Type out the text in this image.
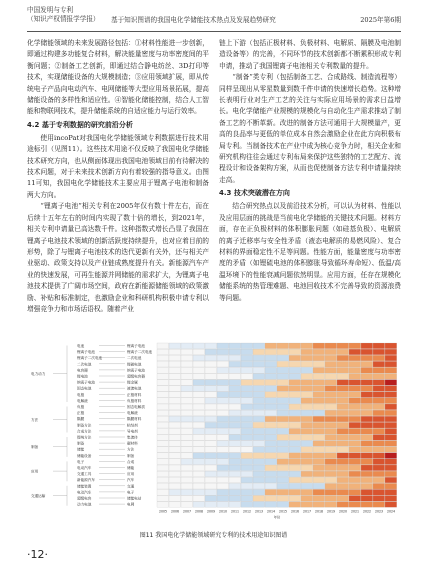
中国发明与专利
（知识产权情报学学报） 基于知识图谱的我国电化学储能技术热点及发展趋势研究	2025年第6期

化学储能领域的未来发展路径包括：①材料性能进一步创新，即通过构建多功能复合材料，解决能量密度与功率密度间的平衡问题；②制备工艺创新，即通过结合静电纺丝、3D打印等技术，实现储能设备的大规模制造；③应用领域扩展，即从传统电子产品向电动汽车、电网储能等大型应用场景拓展，提高储能设备的多样性和适应性。④智能化储能控制，结合人工智能和物联网技术，提升储能系统的自适应能力与运行效率。

4.2 基于专利数据的研究前沿分析

使用incoPat对我国电化学储能领域专利数据进行技术用途标引（见图11）。这些技术用途不仅反映了我国电化学储能技术研究方向，也从侧面体现出我国电池领域目前有待解决的技术问题，对于未来技术创新方向有着较强的指导意义。由图11可知，我国电化学储能技术主要应用于锂离子电池和制备两大方向。

“锂离子电池”相关专利在2005年仅有数十件左右，而在后续十五年左右的时间内实现了数十倍的增长，到2021年，相关专利申请量已高达数千件。这种指数式增长凸显了我国在锂离子电池技术领域的创新活跃度持续提升，也对应着目前的形势，除了与锂离子电池技术的迭代更新有关外，还与相关产业驱动、政策支持以及产业链成熟度提升有关。新能源汽车产业的快速发展，可再生能源并网储能的需求扩大，为锂离子电池技术提供了广阔市场空间，政府在新能源储能领域的政策激励、补贴和标准制定，也激励企业和科研机构积极申请专利以增强竞争力和市场话语权。随着产业

链上下游（包括正极材料、负极材料、电解质、隔膜及电池制造设备等）的完善，不同环节的技术创新都不断累积形成专利申请，推动了我国锂离子电池相关专利数量的提升。

“制备”类专利（包括制备工艺、合成路线、制造流程等）同样呈现出从零星数量到数千件申请的快速增长趋势。这种增长表明行业对生产工艺的关注与实际应用场景的需求日益增长。电化学储能产业规模的规模化与自动化生产需求推动了制备工艺的不断革新。改进的制备方法可通用于大规模量产，更高的良品率与更低的单位成本自然会激励企业在此方向积极布局专利。当制备技术在产业中成为核心竞争力时，相关企业和研究机构往往会通过专利布局来保护这些独特的工艺配方、流程设计和设备架构方案，从而也促使制备方法专利申请量持续走高。

4.3 技术突破潜在方向

结合研究热点以及前沿技术分析，可以认为材料、性能以及应用层面的挑战是当前电化学储能的关键技术问题。材料方面，存在正负极材料的体积膨胀问题（如硅基负极）、电解质的离子迁移率与安全性矛盾（液态电解质的易燃风险）、复合材料的界面稳定性不足等问题。性能方面，能量密度与功率密度的矛盾（如锂硫电池的体积膨胀导致循环寿命短）、低温/高温环境下的性能衰减问题依然明显。应用方面，任存在规模化储能系统的热管理难题、电池回收技术不完善导致的资源浪费等问题。

锂离子电池
锂离子二次电池
二次电池
锂硫电池
钠离子电池
超级电容器
锂金属
液流电池
正极材料
负极材料
固态电解质
电解液
隔膜材料
粘结剂
导电剂
集流体
碳材料
方法
制备
合成
储能
应用
汽车
交通
电子
储能电站
电网
电池
锂离子电池
锂离子二次电池
二次电池
电容器
锂电池
钠离子电池
固态电池
电极
电解液
负极
正极
隔膜
制备方法
合成方法
提纯方法
制备
储能
储能设备
电子
电动汽车
交通工具
新能源汽车
储能装置
电动汽车
超级电容
动力电池
电力动力
方法
制备
应用
交通运输
2005 2006 2007 2008 2009 2010 2011 2012 2013 2014 2015 2016 2017 2018 2019 2020 2021 2022 2023 2024
年份
图11 我国电化学储能领域研究专利的技术用途知识图谱
·12·
